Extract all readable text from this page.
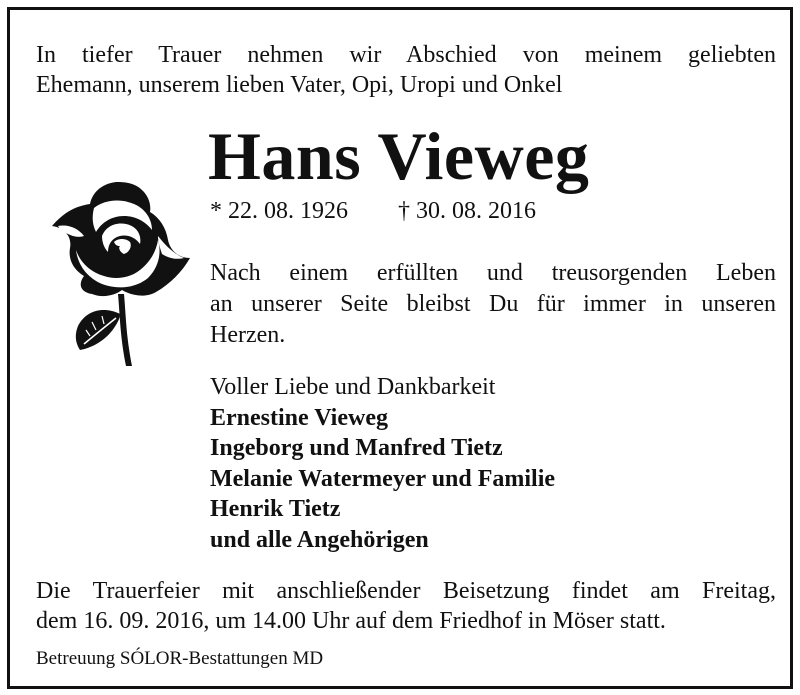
In tiefer Trauer nehmen wir Abschied von meinem geliebten
Ehemann, unserem lieben Vater, Opi, Uropi und Onkel
Hans Vieweg
* 22. 08. 1926 † 30. 08. 2016
Nach einem erfüllten und treusorgenden Leben
an unserer Seite bleibst Du für immer in unseren
Herzen.
Voller Liebe und Dankbarkeit
Ernestine Vieweg
Ingeborg und Manfred Tietz
Melanie Watermeyer und Familie
Henrik Tietz
und alle Angehörigen
Die Trauerfeier mit anschließender Beisetzung findet am Freitag,
dem 16. 09. 2016, um 14.00 Uhr auf dem Friedhof in Möser statt.
Betreuung SÓLOR-Bestattungen MD
